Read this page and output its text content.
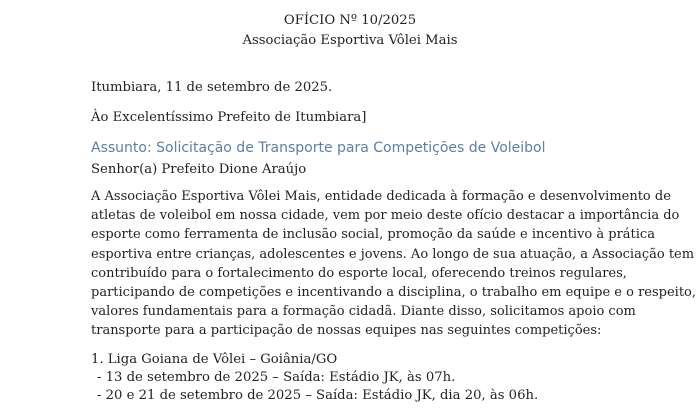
OFÍCIO Nº 10/2025
Associação Esportiva Vôlei Mais
Itumbiara, 11 de setembro de 2025.
Ào Excelentíssimo Prefeito de Itumbiara]
Assunto: Solicitação de Transporte para Competições de Voleibol
Senhor(a) Prefeito Dione Araújo
A Associação Esportiva Vôlei Mais, entidade dedicada à formação e desenvolvimento de
atletas de voleibol em nossa cidade, vem por meio deste ofício destacar a importância do
esporte como ferramenta de inclusão social, promoção da saúde e incentivo à prática
esportiva entre crianças, adolescentes e jovens. Ao longo de sua atuação, a Associação tem
contribuído para o fortalecimento do esporte local, oferecendo treinos regulares,
participando de competições e incentivando a disciplina, o trabalho em equipe e o respeito,
valores fundamentais para a formação cidadã. Diante disso, solicitamos apoio com
transporte para a participação de nossas equipes nas seguintes competições:
1. Liga Goiana de Vôlei – Goiânia/GO
- 13 de setembro de 2025 – Saída: Estádio JK, às 07h.
- 20 e 21 de setembro de 2025 – Saída: Estádio JK, dia 20, às 06h.
